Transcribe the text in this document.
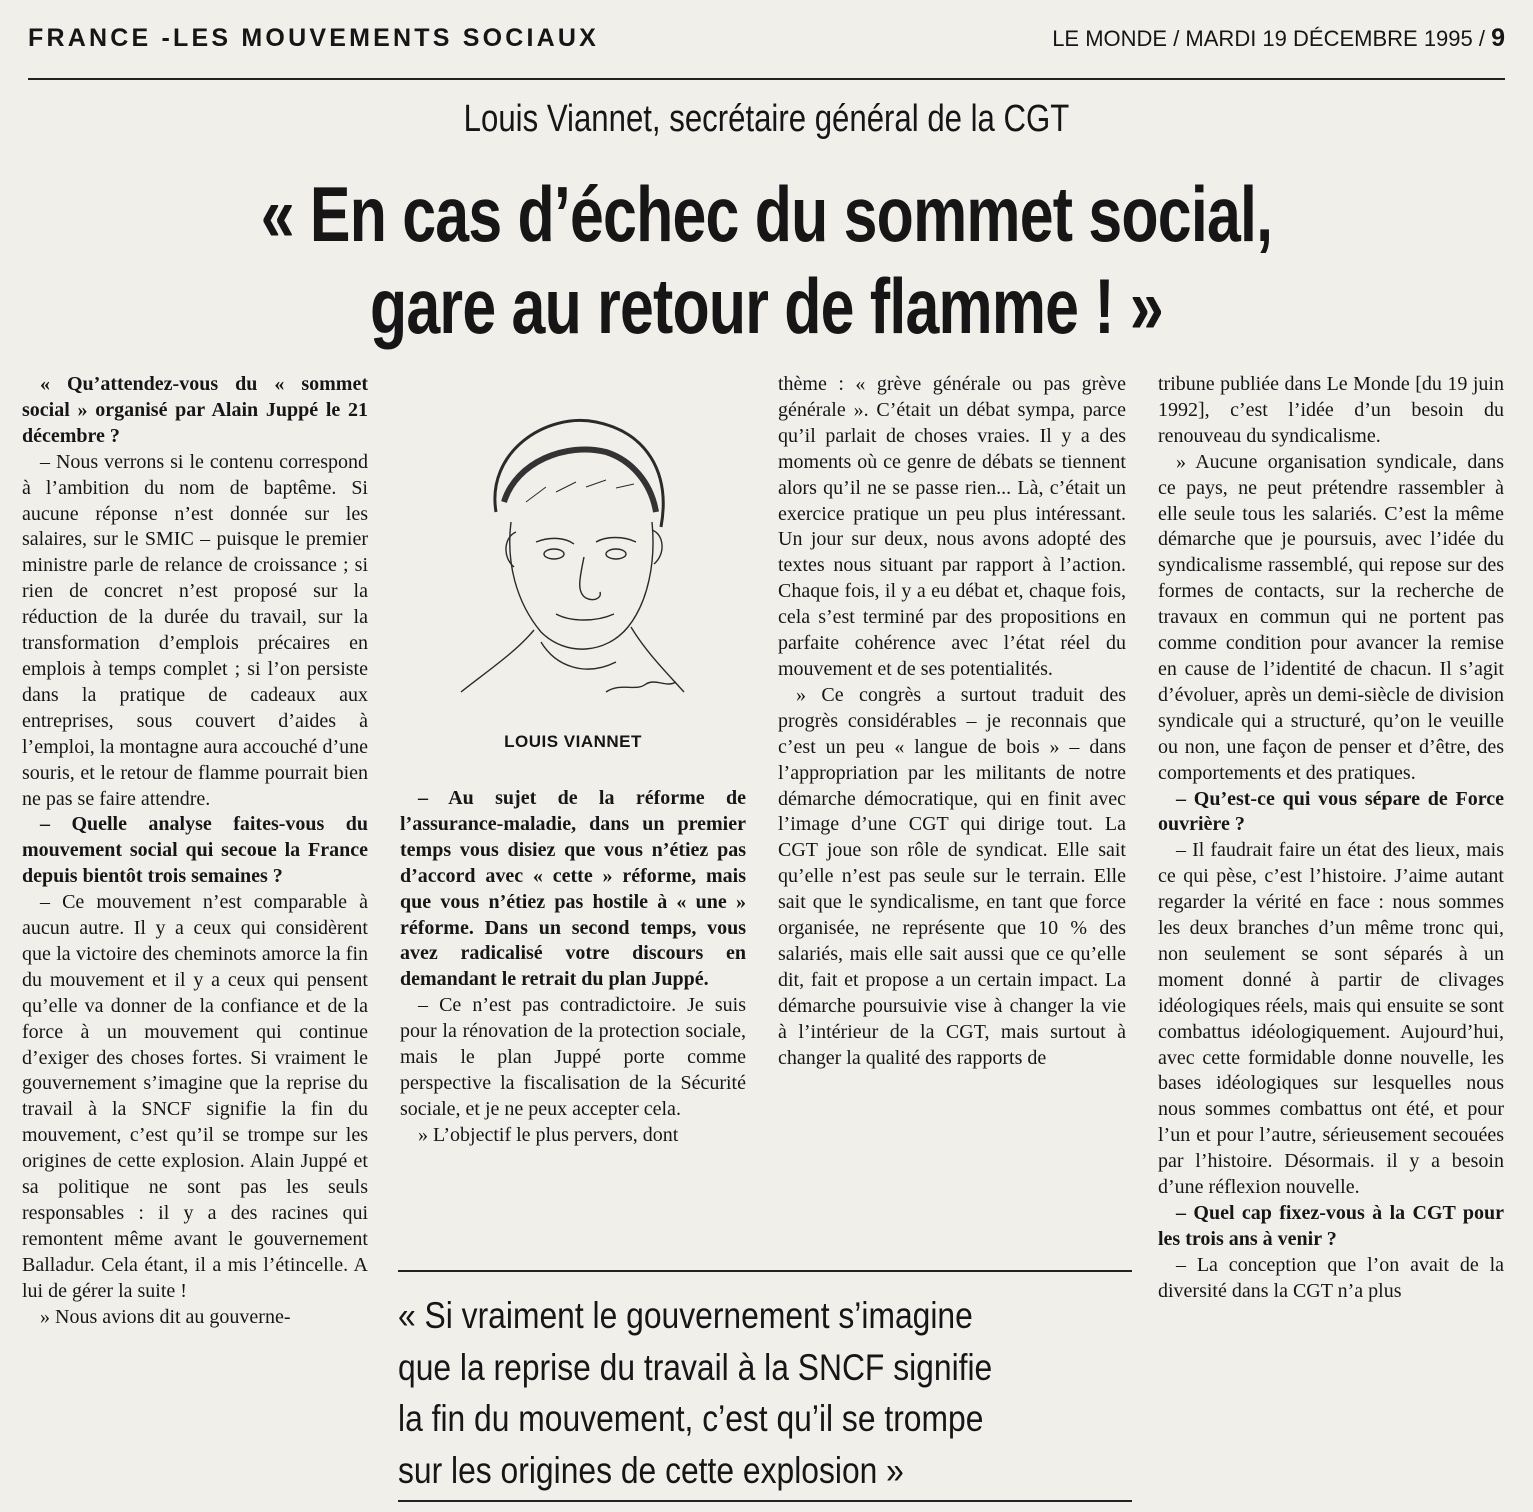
FRANCE -LES MOUVEMENTS SOCIAUX	LE MONDE / MARDI 19 DÉCEMBRE 1995 / 9
Louis Viannet, secrétaire général de la CGT
« En cas d’échec du sommet social,
gare au retour de flamme ! »

« Qu’attendez-vous du « sommet social » organisé par Alain Juppé le 21 décembre ?

– Nous verrons si le contenu correspond à l’ambition du nom de baptême. Si aucune réponse n’est donnée sur les salaires, sur le SMIC – puisque le premier ministre parle de relance de croissance ; si rien de concret n’est proposé sur la réduction de la durée du travail, sur la transformation d’emplois précaires en emplois à temps complet ; si l’on persiste dans la pratique de cadeaux aux entreprises, sous couvert d’aides à l’emploi, la montagne aura accouché d’une souris, et le retour de flamme pourrait bien ne pas se faire attendre.

– Quelle analyse faites-vous du mouvement social qui secoue la France depuis bientôt trois semaines ?

– Ce mouvement n’est comparable à aucun autre. Il y a ceux qui considèrent que la victoire des cheminots amorce la fin du mouvement et il y a ceux qui pensent qu’elle va donner de la confiance et de la force à un mouvement qui continue d’exiger des choses fortes. Si vraiment le gouvernement s’imagine que la reprise du travail à la SNCF signifie la fin du mouvement, c’est qu’il se trompe sur les origines de cette explosion. Alain Juppé et sa politique ne sont pas les seuls responsables : il y a des racines qui remontent même avant le gouvernement Balladur. Cela étant, il a mis l’étincelle. A lui de gérer la suite !

» Nous avions dit au gouverne-

LOUIS VIANNET

– Au sujet de la réforme de l’assurance-maladie, dans un premier temps vous disiez que vous n’étiez pas d’accord avec « cette » réforme, mais que vous n’étiez pas hostile à « une » réforme. Dans un second temps, vous avez radicalisé votre discours en demandant le retrait du plan Juppé.

– Ce n’est pas contradictoire. Je suis pour la rénovation de la protection sociale, mais le plan Juppé porte comme perspective la fiscalisation de la Sécurité sociale, et je ne peux accepter cela.

» L’objectif le plus pervers, dont

thème : « grève générale ou pas grève générale ». C’était un débat sympa, parce qu’il parlait de choses vraies. Il y a des moments où ce genre de débats se tiennent alors qu’il ne se passe rien... Là, c’était un exercice pratique un peu plus intéressant. Un jour sur deux, nous avons adopté des textes nous situant par rapport à l’action. Chaque fois, il y a eu débat et, chaque fois, cela s’est terminé par des propositions en parfaite cohérence avec l’état réel du mouvement et de ses potentialités.

» Ce congrès a surtout traduit des progrès considérables – je reconnais que c’est un peu « langue de bois » – dans l’appropriation par les militants de notre démarche démocratique, qui en finit avec l’image d’une CGT qui dirige tout. La CGT joue son rôle de syndicat. Elle sait qu’elle n’est pas seule sur le terrain. Elle sait que le syndicalisme, en tant que force organisée, ne représente que 10 % des salariés, mais elle sait aussi que ce qu’elle dit, fait et propose a un certain impact. La démarche poursuivie vise à changer la vie à l’intérieur de la CGT, mais surtout à changer la qualité des rapports de

tribune publiée dans Le Monde [du 19 juin 1992], c’est l’idée d’un besoin du renouveau du syndicalisme.

» Aucune organisation syndicale, dans ce pays, ne peut prétendre rassembler à elle seule tous les salariés. C’est la même démarche que je poursuis, avec l’idée du syndicalisme rassemblé, qui repose sur des formes de contacts, sur la recherche de travaux en commun qui ne portent pas comme condition pour avancer la remise en cause de l’identité de chacun. Il s’agit d’évoluer, après un demi-siècle de division syndicale qui a structuré, qu’on le veuille ou non, une façon de penser et d’être, des comportements et des pratiques.

– Qu’est-ce qui vous sépare de Force ouvrière ?

– Il faudrait faire un état des lieux, mais ce qui pèse, c’est l’histoire. J’aime autant regarder la vérité en face : nous sommes les deux branches d’un même tronc qui, non seulement se sont séparés à un moment donné à partir de clivages idéologiques réels, mais qui ensuite se sont combattus idéologiquement. Aujourd’hui, avec cette formidable donne nouvelle, les bases idéologiques sur lesquelles nous nous sommes combattus ont été, et pour l’un et pour l’autre, sérieusement secouées par l’histoire. Désormais. il y a besoin d’une réflexion nouvelle.

– Quel cap fixez-vous à la CGT pour les trois ans à venir ?

– La conception que l’on avait de la diversité dans la CGT n’a plus

« Si vraiment le gouvernement s’imagine
que la reprise du travail à la SNCF signifie
la fin du mouvement, c’est qu’il se trompe
sur les origines de cette explosion »
